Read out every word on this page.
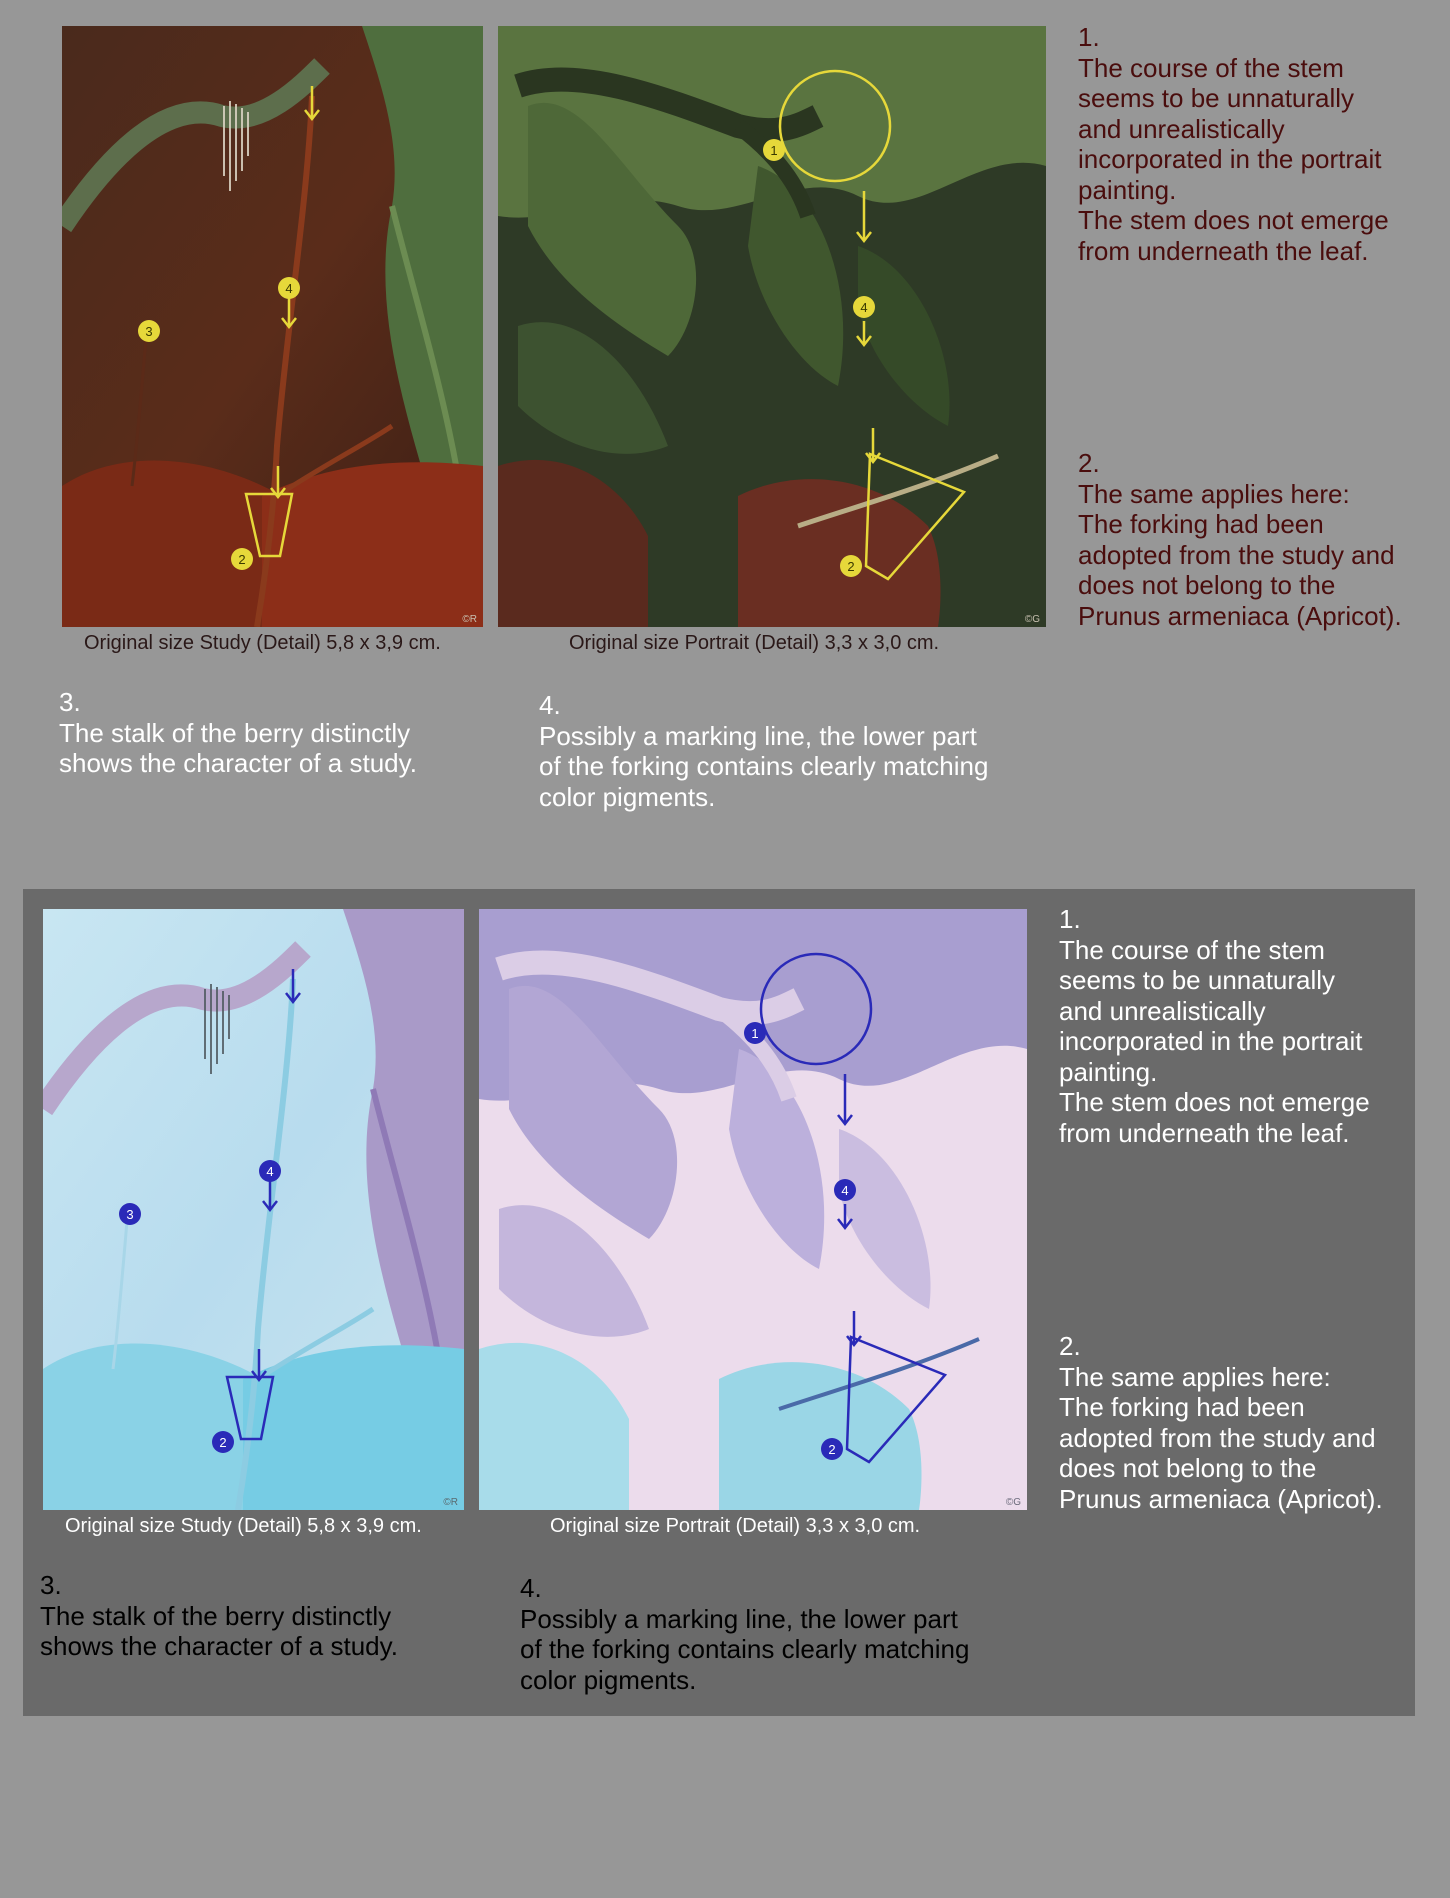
4
3
2
©R
1
4
2
©G
Original size Study (Detail) 5,8 x 3,9 cm.	Original size Portrait (Detail) 3,3 x 3,0 cm.
1.
The course of the stem
seems to be unnaturally
and unrealistically
incorporated in the portrait
painting.
The stem does not emerge
from underneath the leaf.
2.
The same applies here:
The forking had been
adopted from the study and
does not belong to the
Prunus armeniaca (Apricot).
3.
The stalk of the berry distinctly
shows the character of a study.
4.
Possibly a marking line, the lower part
of the forking contains clearly matching
color pigments.
4
3
2
©R
1
4
2
©G
Original size Study (Detail) 5,8 x 3,9 cm.	Original size Portrait (Detail) 3,3 x 3,0 cm.
1.
The course of the stem
seems to be unnaturally
and unrealistically
incorporated in the portrait
painting.
The stem does not emerge
from underneath the leaf.
2.
The same applies here:
The forking had been
adopted from the study and
does not belong to the
Prunus armeniaca (Apricot).
3.
The stalk of the berry distinctly
shows the character of a study.
4.
Possibly a marking line, the lower part
of the forking contains clearly matching
color pigments.
